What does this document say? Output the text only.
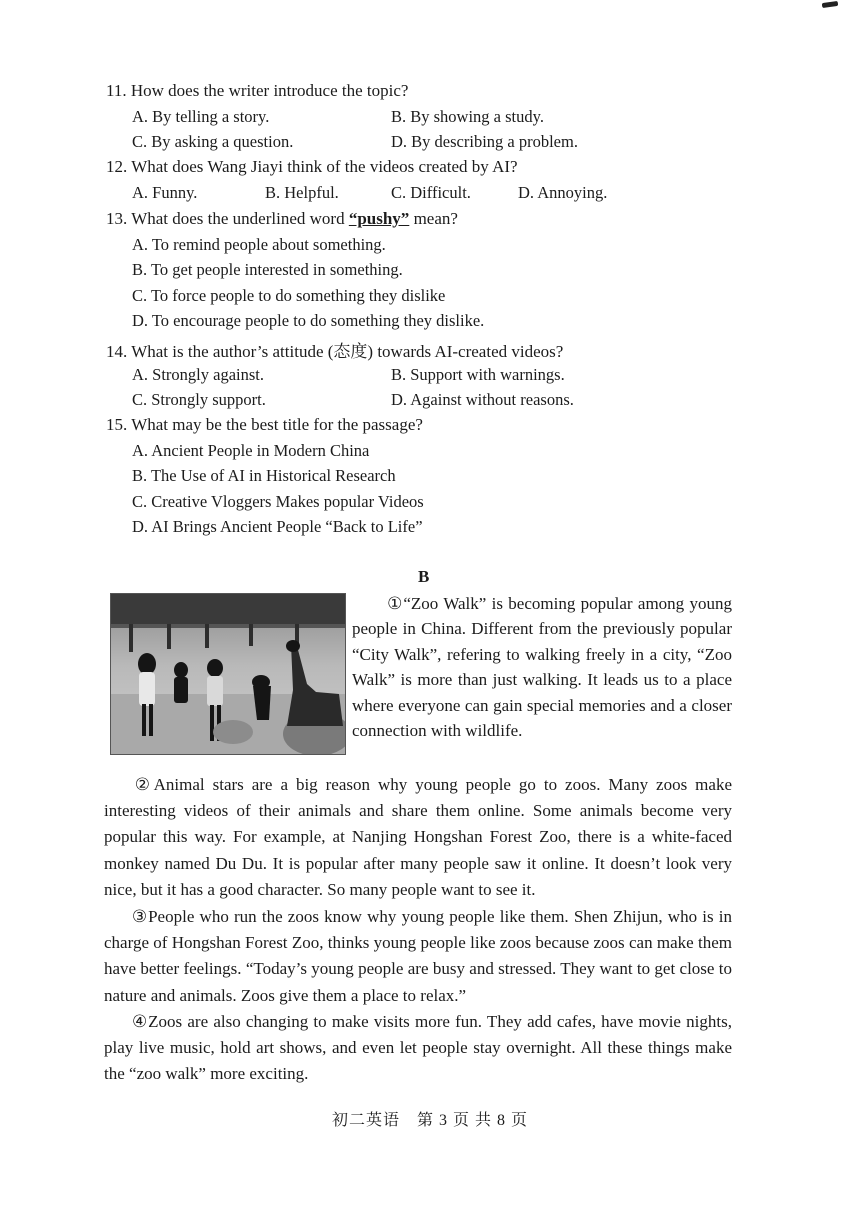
11. How does the writer introduce the topic?
A. By telling a story.	B. By showing a study.
C. By asking a question.	D. By describing a problem.
12. What does Wang Jiayi think of the videos created by AI?
A. Funny.	B. Helpful.	C. Difficult.	D. Annoying.
13. What does the underlined word “pushy” mean?
A. To remind people about something.
B. To get people interested in something.
C. To force people to do something they dislike
D. To encourage people to do something they dislike.
14. What is the author’s attitude (态度) towards AI-created videos?
A. Strongly against.	B. Support with warnings.
C. Strongly support.	D. Against without reasons.
15. What may be the best title for the passage?
A. Ancient People in Modern China
B. The Use of AI in Historical Research
C. Creative Vloggers Makes popular Videos
D. AI Brings Ancient People “Back to Life”
B
①“Zoo Walk” is becoming popular among young people in China. Different from the previously popular “City Walk”, refering to walking freely in a city, “Zoo Walk” is more than just walking. It leads us to a place where everyone can gain special memories and a closer connection with wildlife.
②Animal stars are a big reason why young people go to zoos. Many zoos make interesting videos of their animals and share them online. Some animals become very popular this way. For example, at Nanjing Hongshan Forest Zoo, there is a white-faced monkey named Du Du. It is popular after many people saw it online. It doesn’t look very nice, but it has a good character. So many people want to see it.
③People who run the zoos know why young people like them. Shen Zhijun, who is in charge of Hongshan Forest Zoo, thinks young people like zoos because zoos can make them have better feelings. “Today’s young people are busy and stressed. They want to get close to nature and animals. Zoos give them a place to relax.”
④Zoos are also changing to make visits more fun. They add cafes, have movie nights, play live music, hold art shows, and even let people stay overnight. All these things make the “zoo walk” more exciting.
初二英语　第 3 页 共 8 页
